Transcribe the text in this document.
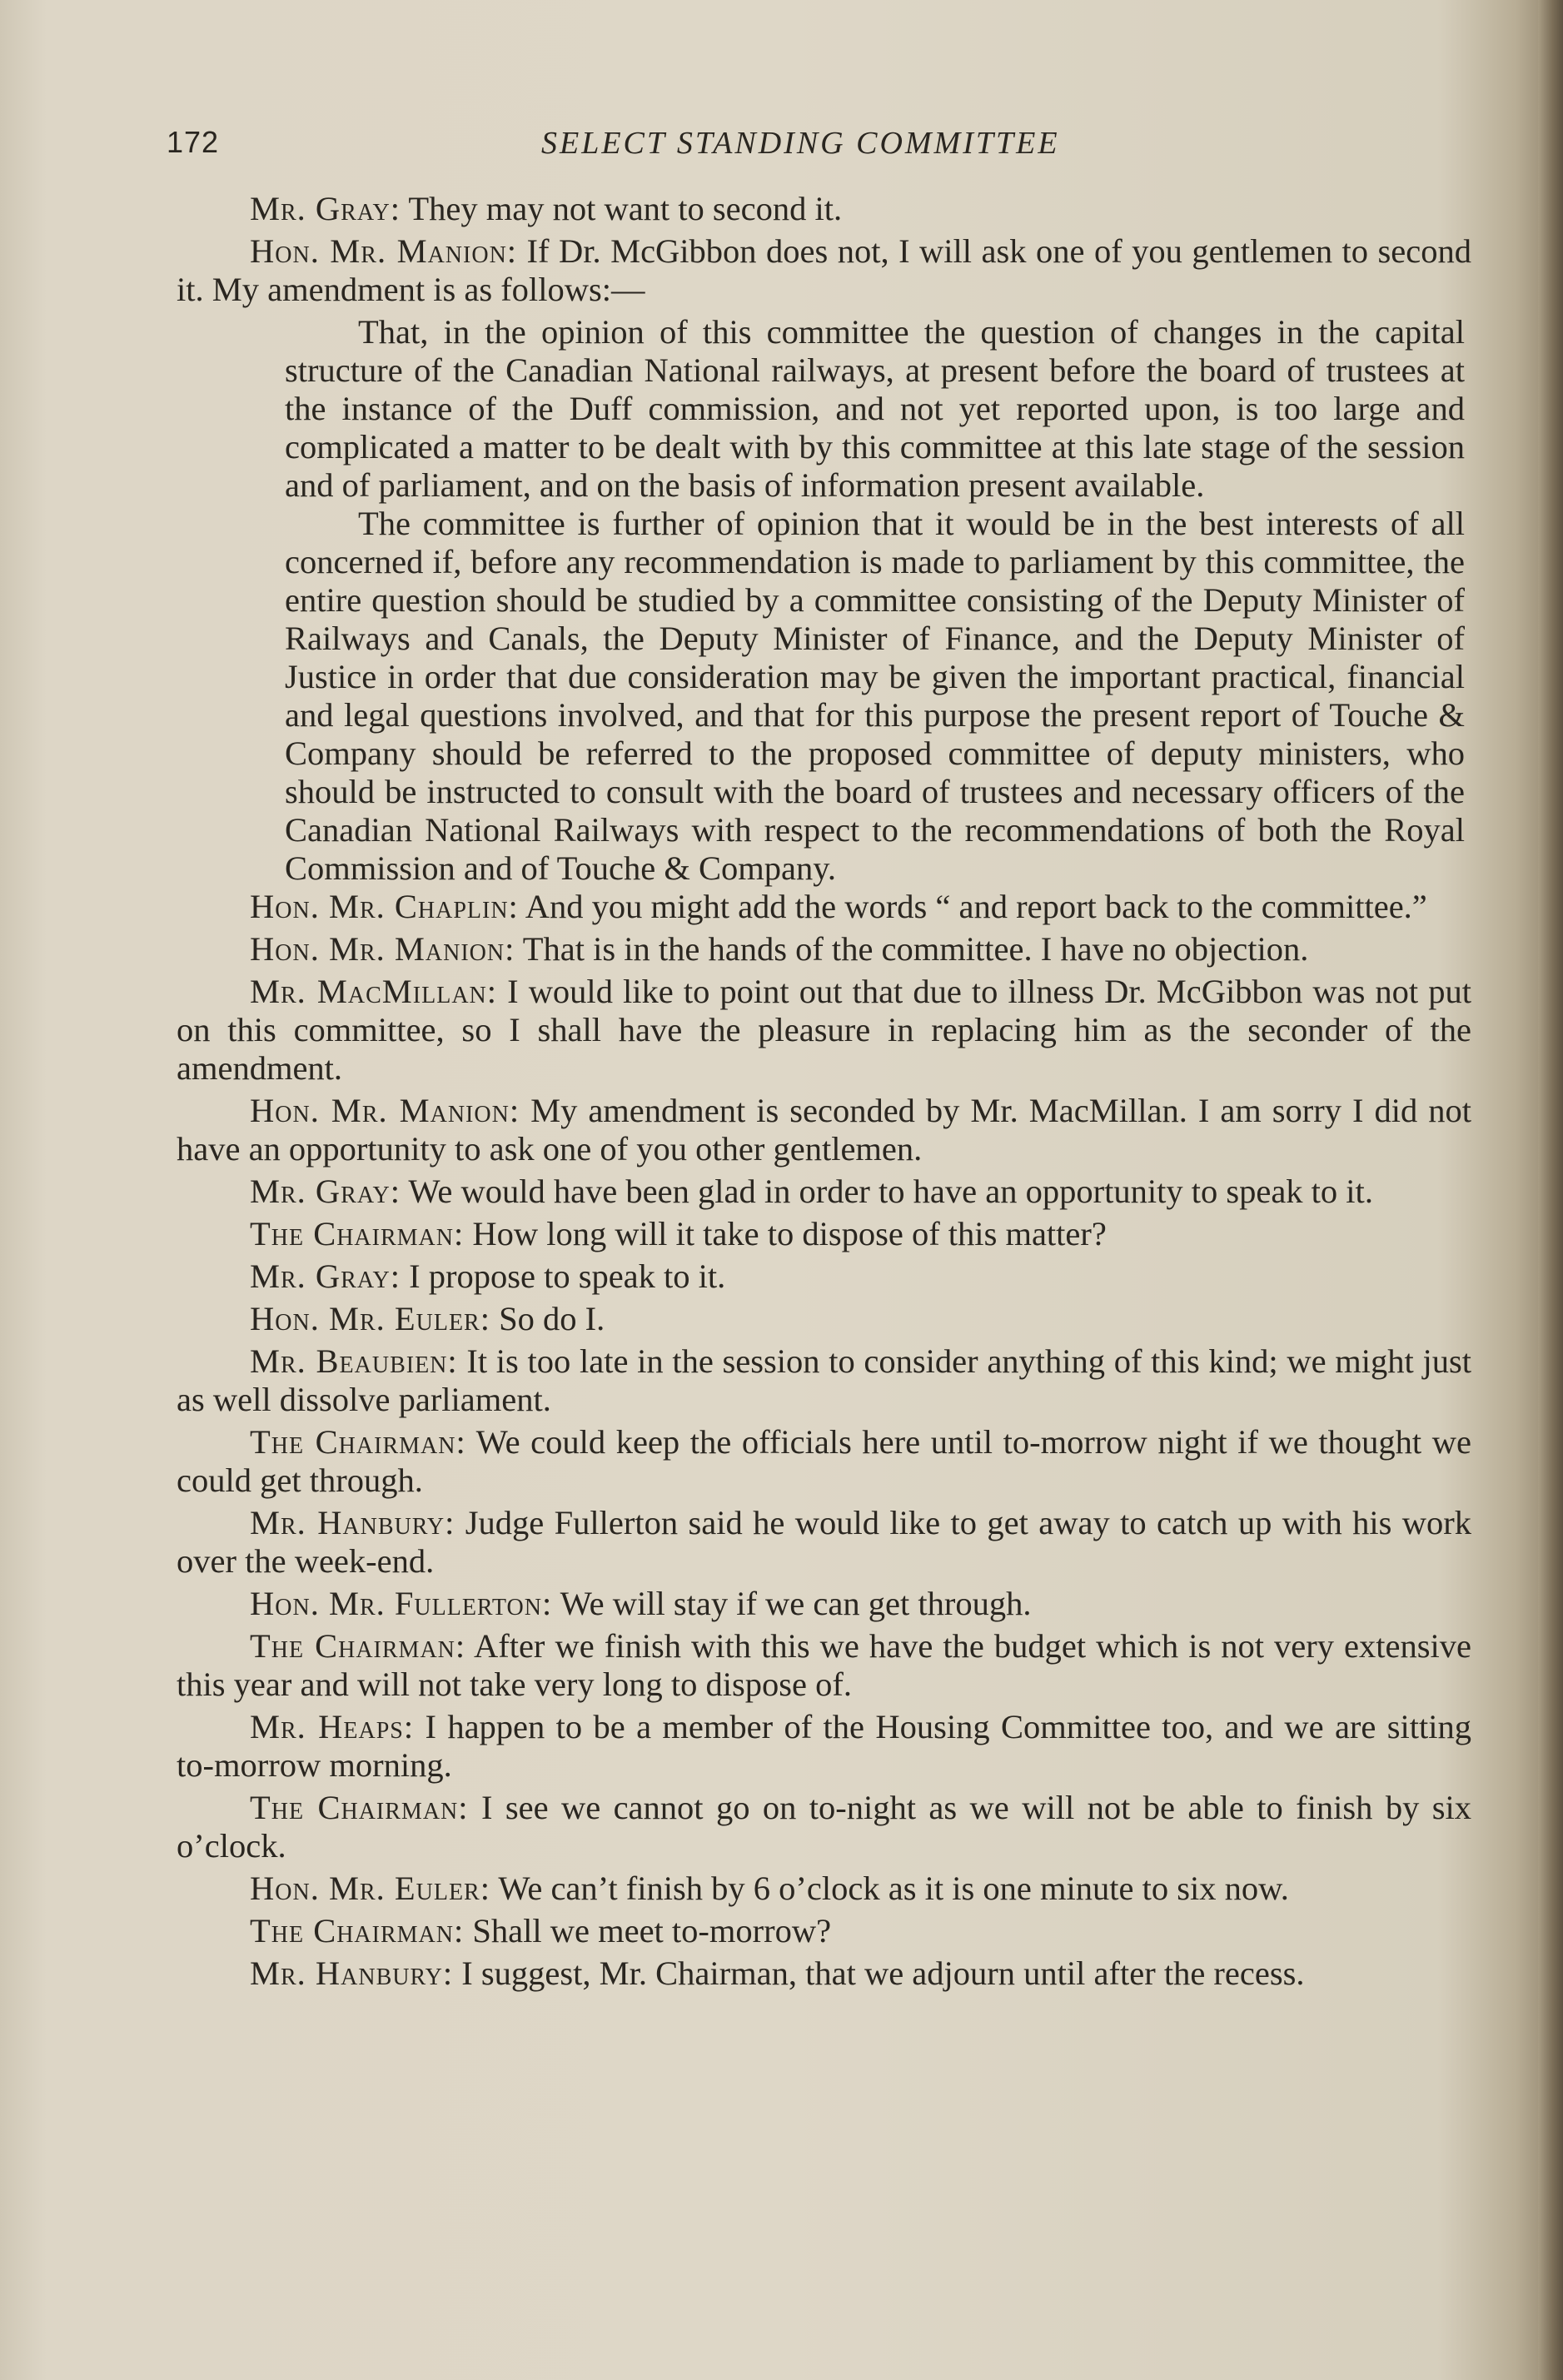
172	SELECT STANDING COMMITTEE

Mr. Gray: They may not want to second it.

Hon. Mr. Manion: If Dr. McGibbon does not, I will ask one of you gentlemen to second it. My amendment is as follows:—

That, in the opinion of this committee the question of changes in the capital structure of the Canadian National railways, at present before the board of trustees at the instance of the Duff commission, and not yet reported upon, is too large and complicated a matter to be dealt with by this committee at this late stage of the session and of parliament, and on the basis of information present available.

The committee is further of opinion that it would be in the best interests of all concerned if, before any recommendation is made to parliament by this committee, the entire question should be studied by a committee consisting of the Deputy Minister of Railways and Canals, the Deputy Minister of Finance, and the Deputy Minister of Justice in order that due consideration may be given the important practical, financial and legal questions involved, and that for this purpose the present report of Touche & Company should be referred to the proposed committee of deputy ministers, who should be instructed to consult with the board of trustees and necessary officers of the Canadian National Railways with respect to the recommendations of both the Royal Commission and of Touche & Company.

Hon. Mr. Chaplin: And you might add the words “ and report back to the committee.”

Hon. Mr. Manion: That is in the hands of the committee. I have no objection.

Mr. MacMillan: I would like to point out that due to illness Dr. McGibbon was not put on this committee, so I shall have the pleasure in replacing him as the seconder of the amendment.

Hon. Mr. Manion: My amendment is seconded by Mr. MacMillan. I am sorry I did not have an opportunity to ask one of you other gentlemen.

Mr. Gray: We would have been glad in order to have an opportunity to speak to it.

The Chairman: How long will it take to dispose of this matter?

Mr. Gray: I propose to speak to it.

Hon. Mr. Euler: So do I.

Mr. Beaubien: It is too late in the session to consider anything of this kind; we might just as well dissolve parliament.

The Chairman: We could keep the officials here until to-morrow night if we thought we could get through.

Mr. Hanbury: Judge Fullerton said he would like to get away to catch up with his work over the week-end.

Hon. Mr. Fullerton: We will stay if we can get through.

The Chairman: After we finish with this we have the budget which is not very extensive this year and will not take very long to dispose of.

Mr. Heaps: I happen to be a member of the Housing Committee too, and we are sitting to-morrow morning.

The Chairman: I see we cannot go on to-night as we will not be able to finish by six o’clock.

Hon. Mr. Euler: We can’t finish by 6 o’clock as it is one minute to six now.

The Chairman: Shall we meet to-morrow?

Mr. Hanbury: I suggest, Mr. Chairman, that we adjourn until after the recess.
